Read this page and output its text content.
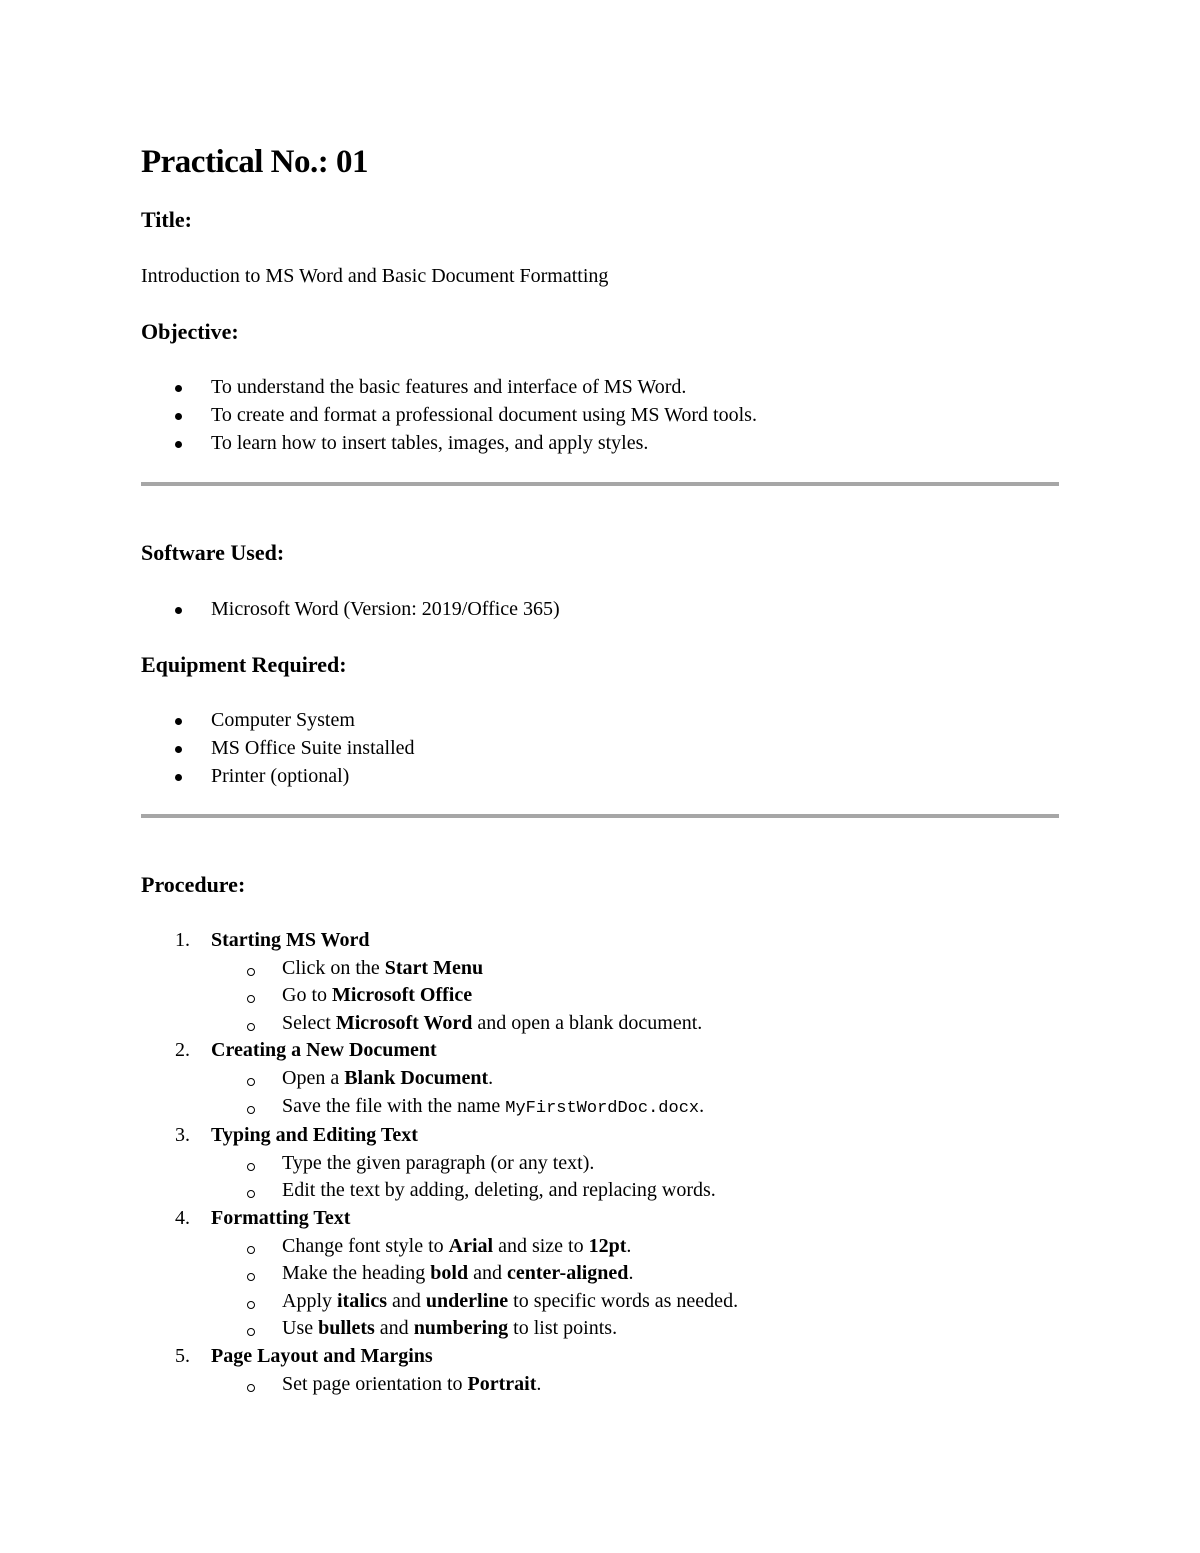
Practical No.: 01
Title:

Introduction to MS Word and Basic Document Formatting

Objective:
To understand the basic features and interface of MS Word.
To create and format a professional document using MS Word tools.
To learn how to insert tables, images, and apply styles.
Software Used:
Microsoft Word (Version: 2019/Office 365)
Equipment Required:
Computer System
MS Office Suite installed
Printer (optional)
Procedure:
1. Starting MS Word
Click on the Start Menu
Go to Microsoft Office
Select Microsoft Word and open a blank document.
2. Creating a New Document
Open a Blank Document.
Save the file with the name MyFirstWordDoc.docx.
3. Typing and Editing Text
Type the given paragraph (or any text).
Edit the text by adding, deleting, and replacing words.
4. Formatting Text
Change font style to Arial and size to 12pt.
Make the heading bold and center-aligned.
Apply italics and underline to specific words as needed.
Use bullets and numbering to list points.
5. Page Layout and Margins
Set page orientation to Portrait.
